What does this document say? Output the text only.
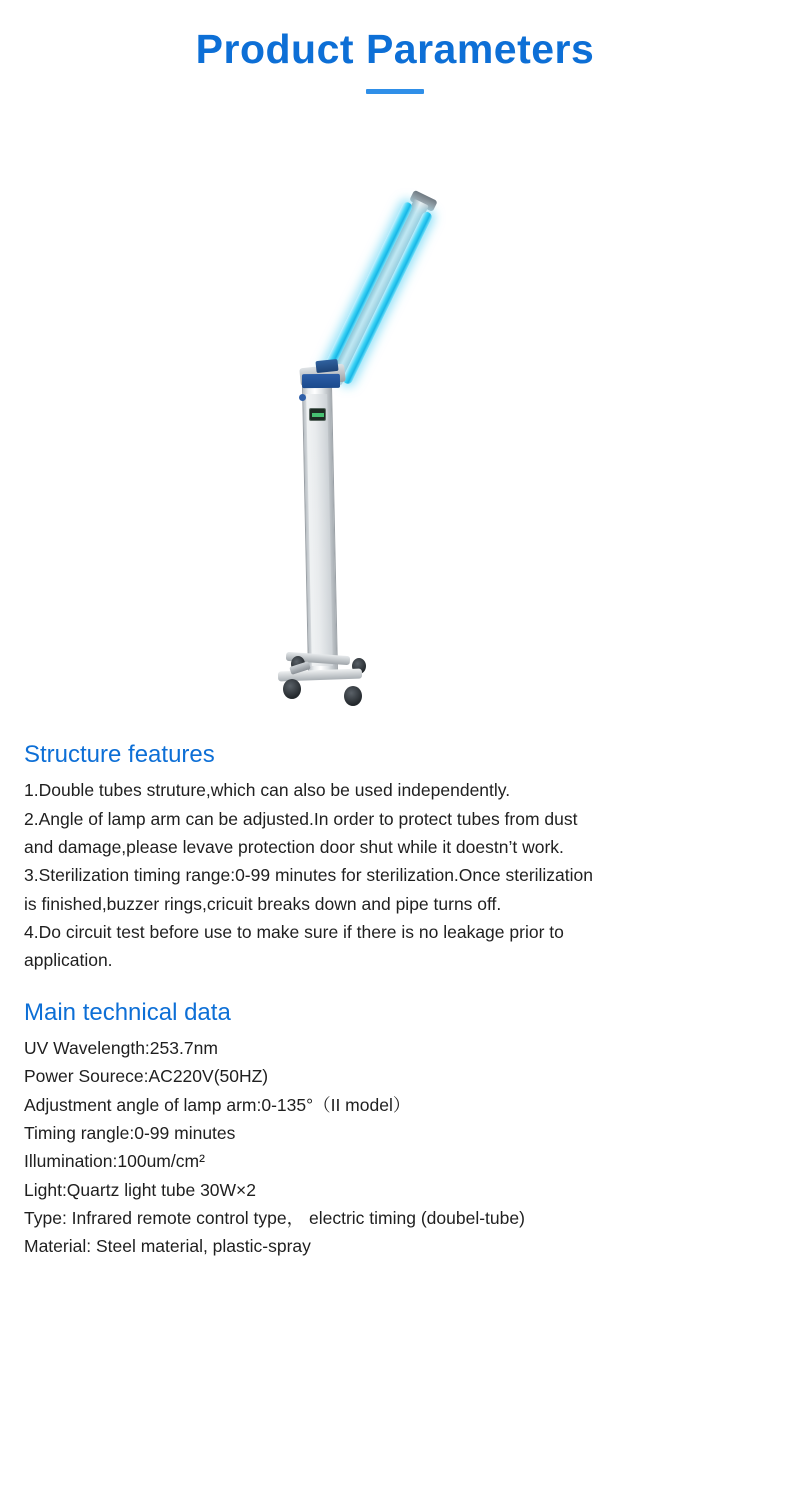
Product Parameters
Structure features

1.Double tubes struture,which can also be used independently.

2.Angle of lamp arm can be adjusted.In order to protect tubes from dust

and damage,please levave protection door shut while it doestn’t work.

3.Sterilization timing range:0-99 minutes for sterilization.Once sterilization

is finished,buzzer rings,cricuit breaks down and pipe turns off.

4.Do circuit test before use to make sure if there is no leakage prior to

application.

Main technical data

UV Wavelength:253.7nm

Power Sourece:AC220V(50HZ)

Adjustment angle of lamp arm:0-135°（II model）

Timing rangle:0-99 minutes

Illumination:100um/cm²

Light:Quartz light tube 30W×2

Type: Infrared remote control type， electric timing (doubel-tube)

Material: Steel material, plastic-spray
